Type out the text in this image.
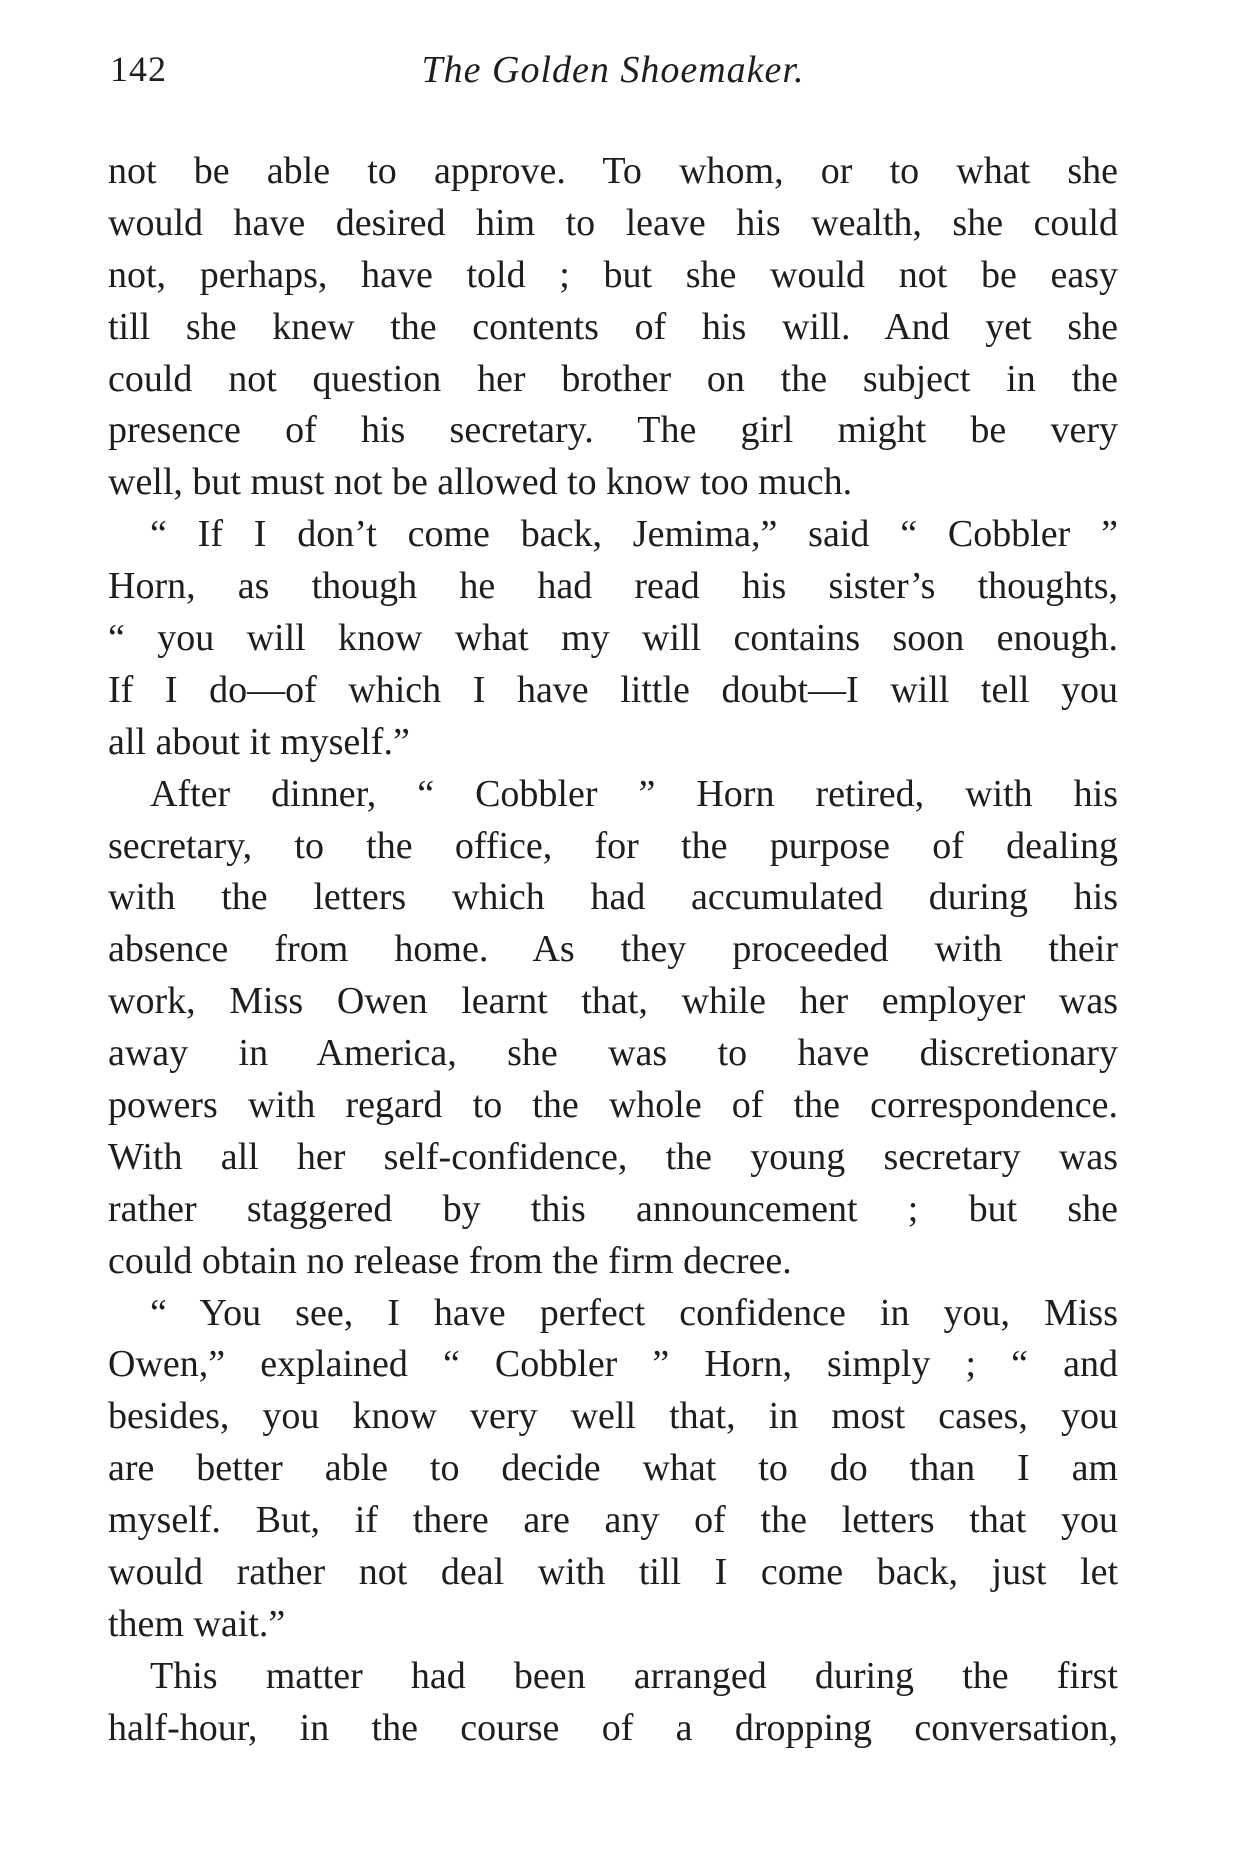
The Golden Shoemaker.
142
not be able to approve. To whom, or to what she
would have desired him to leave his wealth, she could
not, perhaps, have told ; but she would not be easy
till she knew the contents of his will. And yet she
could not question her brother on the subject in the
presence of his secretary. The girl might be very
well, but must not be allowed to know too much.
“ If I don’t come back, Jemima,” said “ Cobbler ”
Horn, as though he had read his sister’s thoughts,
“ you will know what my will contains soon enough.
If I do—of which I have little doubt—I will tell you
all about it myself.”
After dinner, “ Cobbler ” Horn retired, with his
secretary, to the office, for the purpose of dealing
with the letters which had accumulated during his
absence from home. As they proceeded with their
work, Miss Owen learnt that, while her employer was
away in America, she was to have discretionary
powers with regard to the whole of the correspondence.
With all her self-confidence, the young secretary was
rather staggered by this announcement ; but she
could obtain no release from the firm decree.
“ You see, I have perfect confidence in you, Miss
Owen,” explained “ Cobbler ” Horn, simply ; “ and
besides, you know very well that, in most cases, you
are better able to decide what to do than I am
myself. But, if there are any of the letters that you
would rather not deal with till I come back, just let
them wait.”
This matter had been arranged during the first
half-hour, in the course of a dropping conversation,
